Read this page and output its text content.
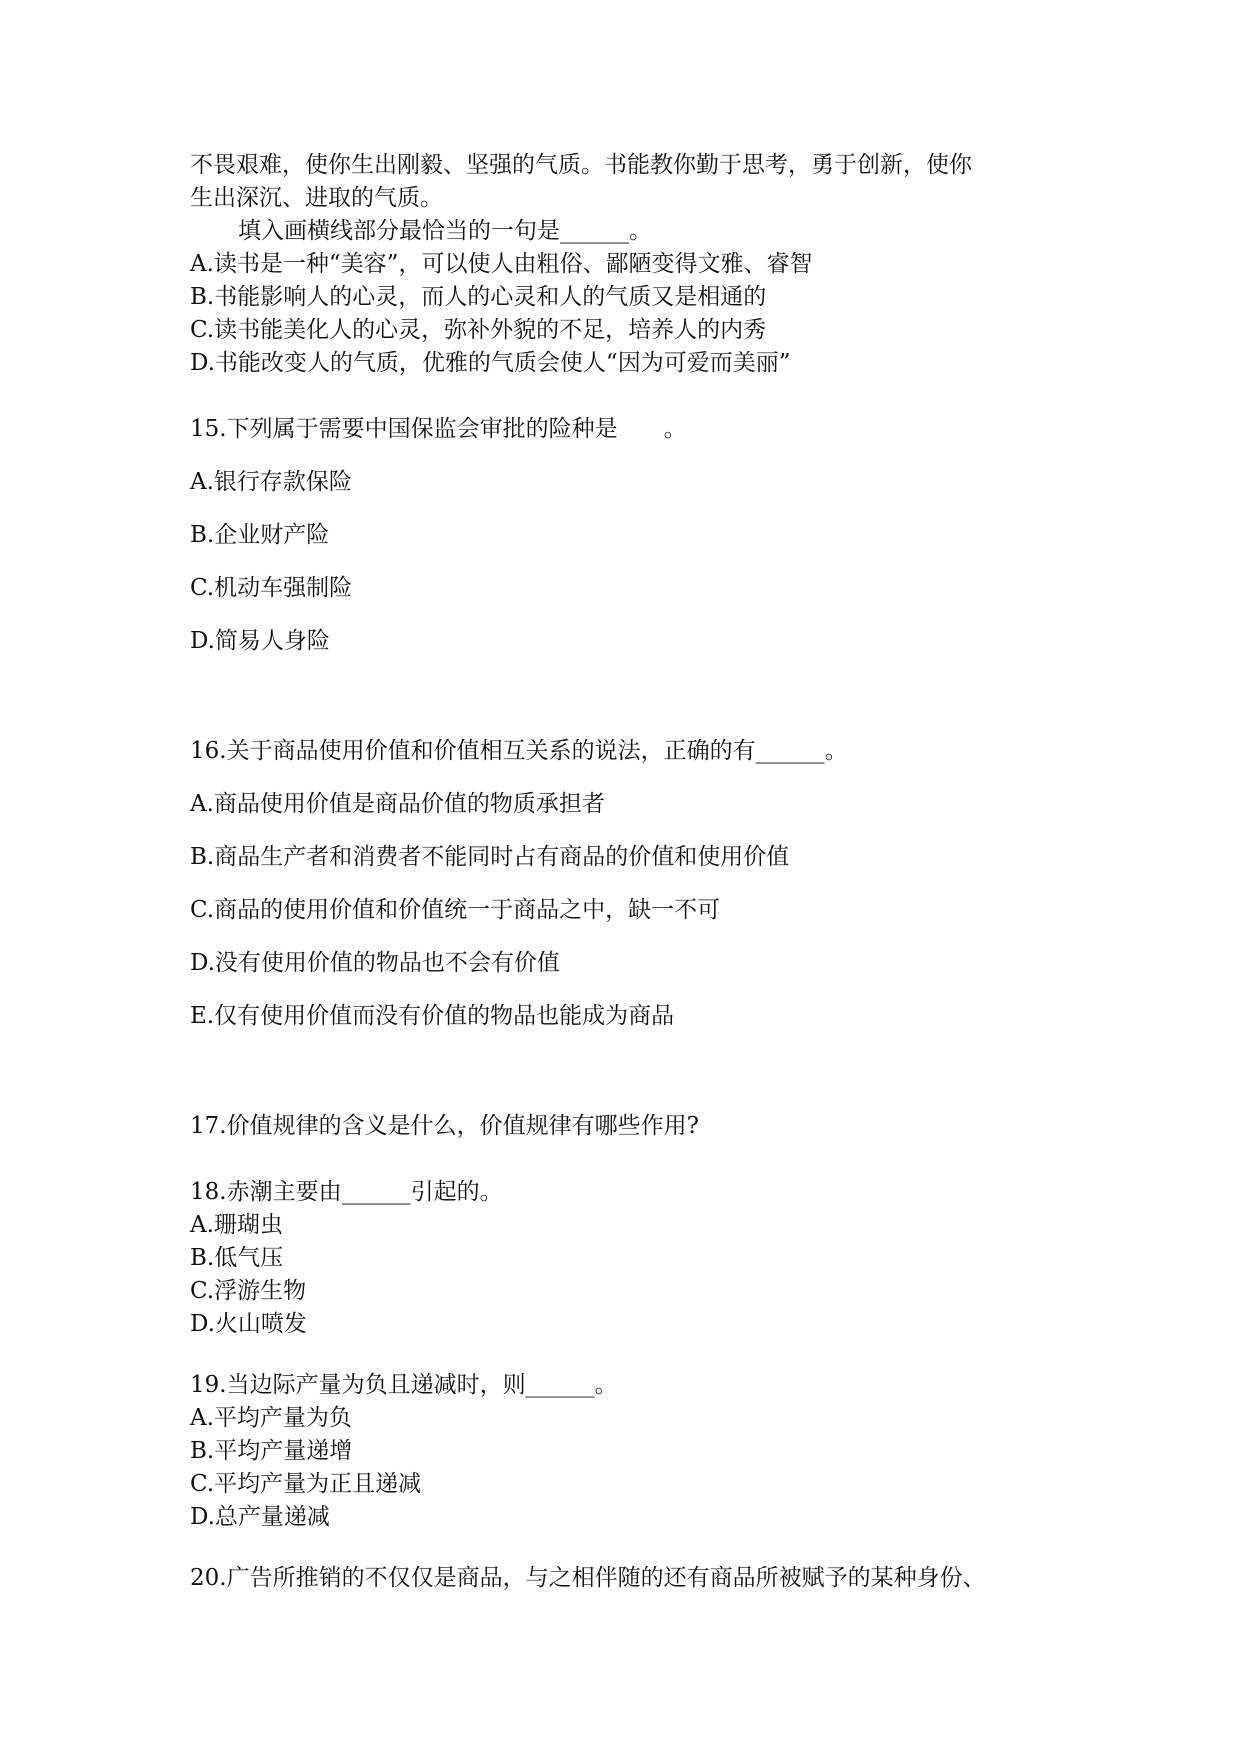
不畏艰难，使你生出刚毅、坚强的气质。书能教你勤于思考，勇于创新，使你
生出深沉、进取的气质。
填入画横线部分最恰当的一句是______。
A.读书是一种“美容”，可以使人由粗俗、鄙陋变得文雅、睿智
B.书能影响人的心灵，而人的心灵和人的气质又是相通的
C.读书能美化人的心灵，弥补外貌的不足，培养人的内秀
D.书能改变人的气质，优雅的气质会使人“因为可爱而美丽”
15.下列属于需要中国保监会审批的险种是　　。
A.银行存款保险
B.企业财产险
C.机动车强制险
D.简易人身险
16.关于商品使用价值和价值相互关系的说法，正确的有______。
A.商品使用价值是商品价值的物质承担者
B.商品生产者和消费者不能同时占有商品的价值和使用价值
C.商品的使用价值和价值统一于商品之中，缺一不可
D.没有使用价值的物品也不会有价值
E.仅有使用价值而没有价值的物品也能成为商品
17.价值规律的含义是什么，价值规律有哪些作用?
18.赤潮主要由______引起的。
A.珊瑚虫
B.低气压
C.浮游生物
D.火山喷发
19.当边际产量为负且递减时，则______。
A.平均产量为负
B.平均产量递增
C.平均产量为正且递减
D.总产量递减
20.广告所推销的不仅仅是商品，与之相伴随的还有商品所被赋予的某种身份、
